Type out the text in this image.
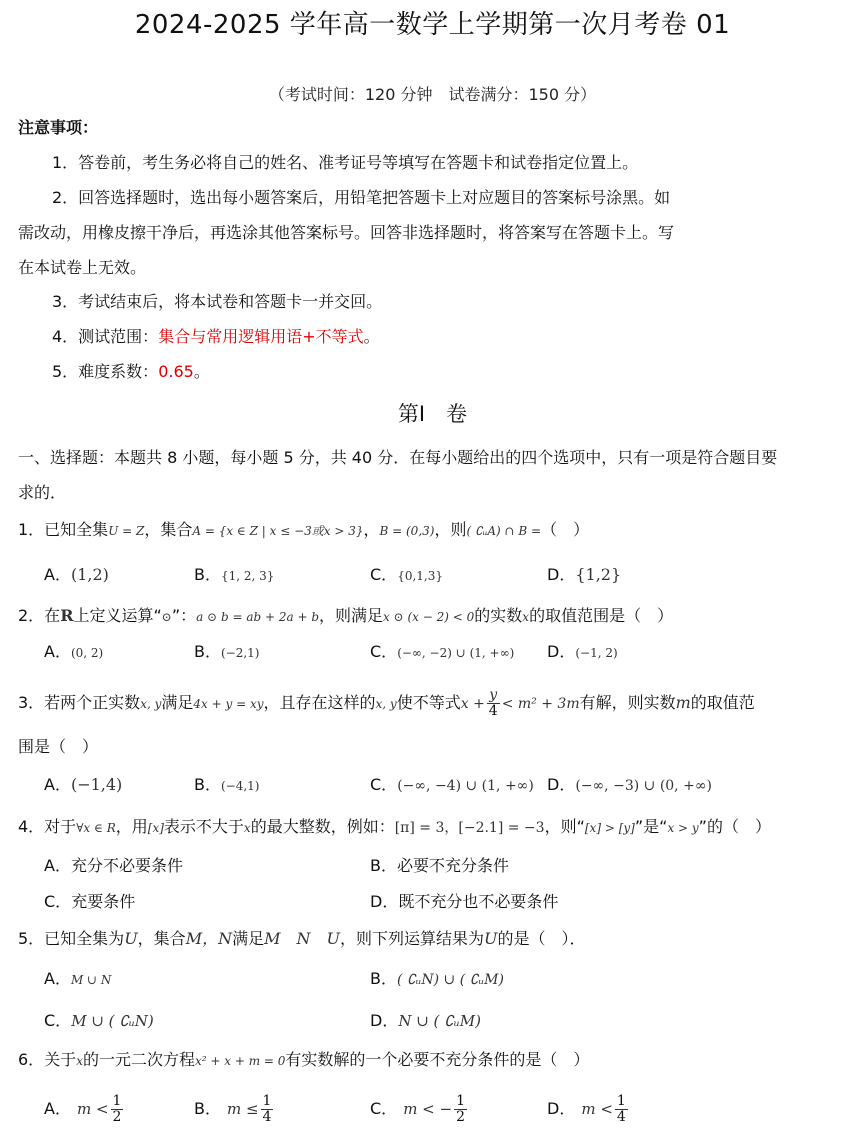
2024-2025 学年高一数学上学期第一次月考卷 01
（考试时间：120 分钟　试卷满分：150 分）
注意事项：
1．答卷前，考生务必将自己的姓名、准考证号等填写在答题卡和试卷指定位置上。
2．回答选择题时，选出每小题答案后，用铅笔把答题卡上对应题目的答案标号涂黑。如
需改动，用橡皮擦干净后，再选涂其他答案标号。回答非选择题时，将答案写在答题卡上。写
在本试卷上无效。
3．考试结束后，将本试卷和答题卡一并交回。
4．测试范围：集合与常用逻辑用语+不等式。
5．难度系数：0.65。
第Ⅰ　卷
一、选择题：本题共 8 小题，每小题 5 分，共 40 分．在每小题给出的四个选项中，只有一项是符合题目要
求的．
1．已知全集U = Z，集合A = {x ∈ Z | x ≤ −3或x > 3}，B = (0,3)，则( ∁ᵤA) ∩ B =（　）
A．(1,2)	B．{1, 2, 3}	C．{0,1,3}	D．{1,2}
2．在R上定义运算“⊙”：a ⊙ b = ab + 2a + b，则满足x ⊙ (x − 2) < 0的实数x的取值范围是（　）
A．(0, 2)	B．(−2,1)	C．(−∞, −2) ∪ (1, +∞) D．(−1, 2)
3．若两个正实数x, y满足4x + y = xy，且存在这样的x, y使不等式$x + \frac{y}{4} < m^2 + 3m$有解，则实数m的取值范
围是（　）
A．(−1,4)	B．(−4,1)	C．(−∞, −4) ∪ (1, +∞) D．(−∞, −3) ∪ (0, +∞)
4．对于∀x ∈ R，用[x]表示不大于x的最大整数，例如：[π] = 3，[−2.1] = −3，则“[x] > [y]”是“x > y”的（　）
A．充分不必要条件	B．必要不充分条件
C．充要条件	D．既不充分也不必要条件
5．已知全集为U，集合M，N满足M　N　U，则下列运算结果为U的是（　）．
A．M ∪ N	B．( ∁ᵤN) ∪ ( ∁ᵤM)
C．M ∪ ( ∁ᵤN)	D．N ∪ ( ∁ᵤM)
6．关于x的一元二次方程x² + x + m = 0有实数解的一个必要不充分条件的是（　）
A． $m < \frac{1}{2}$	B． $m \le \frac{1}{4}$	C． m < − $\frac{1}{2}$	D． $m < \frac{1}{4}$
